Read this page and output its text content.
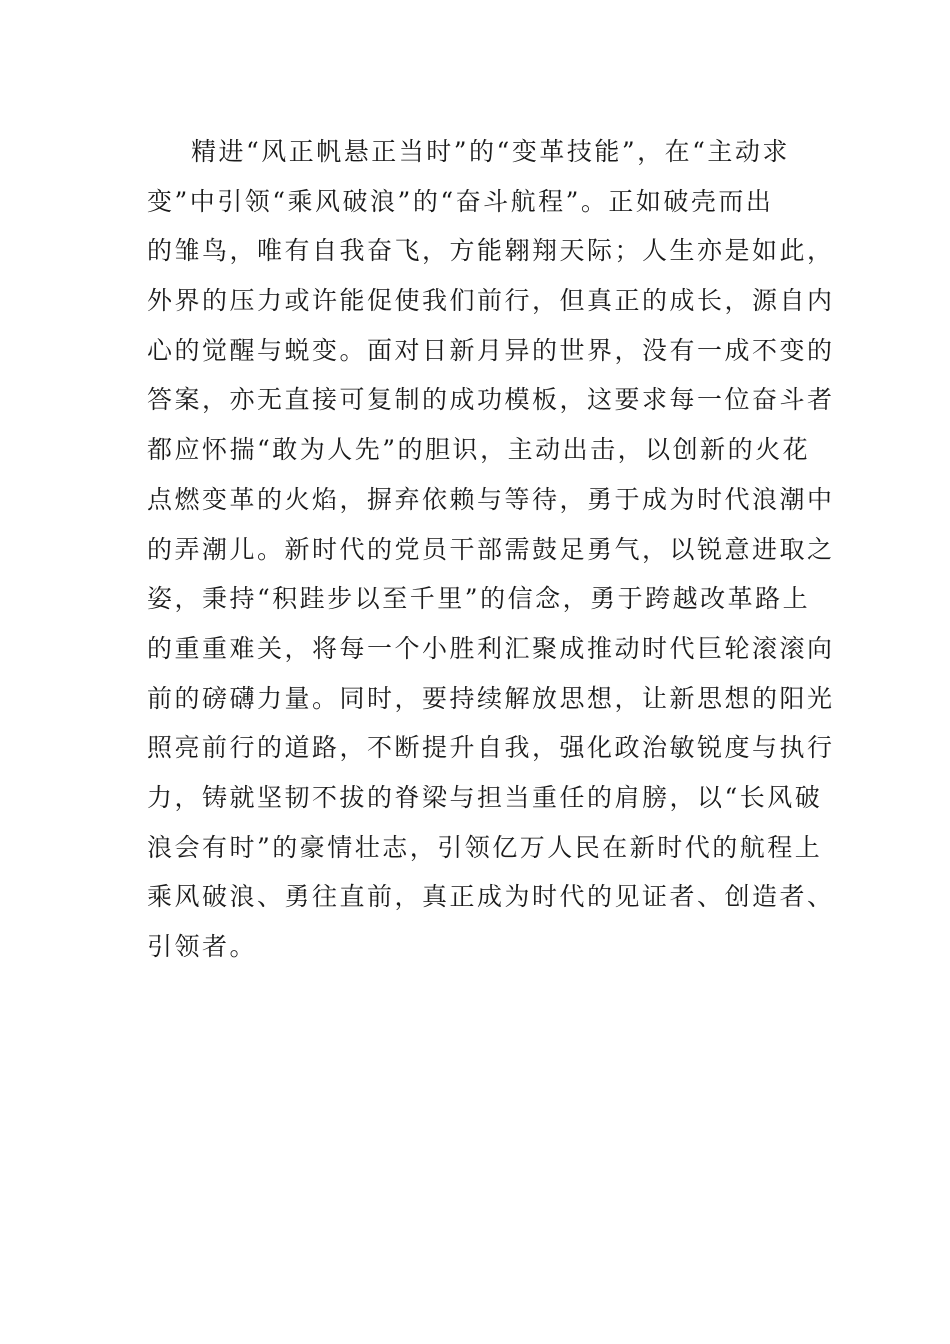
精进“风正帆悬正当时”的“变革技能”，在“主动求
变”中引领“乘风破浪”的“奋斗航程”。正如破壳而出
的雏鸟，唯有自我奋飞，方能翱翔天际；人生亦是如此，
外界的压力或许能促使我们前行，但真正的成长，源自内
心的觉醒与蜕变。面对日新月异的世界，没有一成不变的
答案，亦无直接可复制的成功模板，这要求每一位奋斗者
都应怀揣“敢为人先”的胆识，主动出击，以创新的火花
点燃变革的火焰，摒弃依赖与等待，勇于成为时代浪潮中
的弄潮儿。新时代的党员干部需鼓足勇气，以锐意进取之
姿，秉持“积跬步以至千里”的信念，勇于跨越改革路上
的重重难关，将每一个小胜利汇聚成推动时代巨轮滚滚向
前的磅礴力量。同时，要持续解放思想，让新思想的阳光
照亮前行的道路，不断提升自我，强化政治敏锐度与执行
力，铸就坚韧不拔的脊梁与担当重任的肩膀，以“长风破
浪会有时”的豪情壮志，引领亿万人民在新时代的航程上
乘风破浪、勇往直前，真正成为时代的见证者、创造者、
引领者。
